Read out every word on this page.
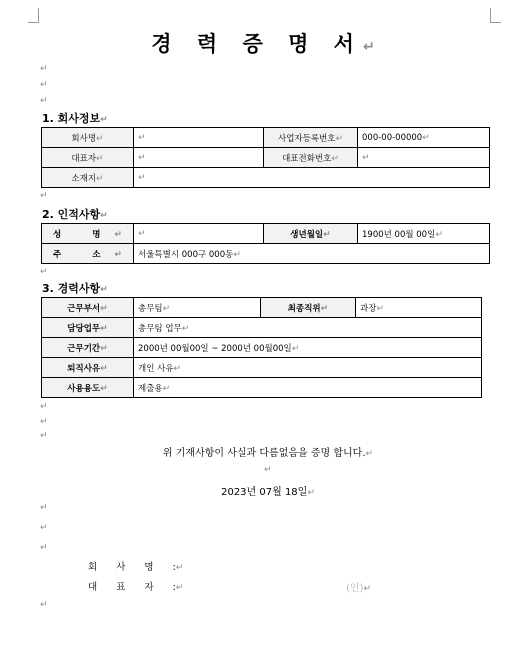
경 력 증 명 서↵
↵
↵
↵
1. 회사정보↵
회사명↵	↵	사업자등록번호↵	000-00-00000↵
대표자↵	↵	대표전화번호↵	↵
소재지↵	↵		
↵
2. 인적사항↵
성 명↵	↵	생년월일↵	1900년 00월 00일↵
주 소↵	서울특별시 000구 000동↵		
↵
3. 경력사항↵
근무부서↵	총무팀↵	최종직위↵	과장↵
담당업무↵	총무팀 업무↵		
근무기간↵	2000년 00월00일 ~ 2000년 00월00일↵		
퇴직사유↵	개인 사유↵		
사용용도↵	제출용↵		
↵
↵
↵
위 기재사항이 사실과 다름없음을 증명 합니다.↵
↵
2023년 07월 18일↵
↵
↵
↵
회 사 명 :↵
대 표 자 :↵	(인)↵
↵
